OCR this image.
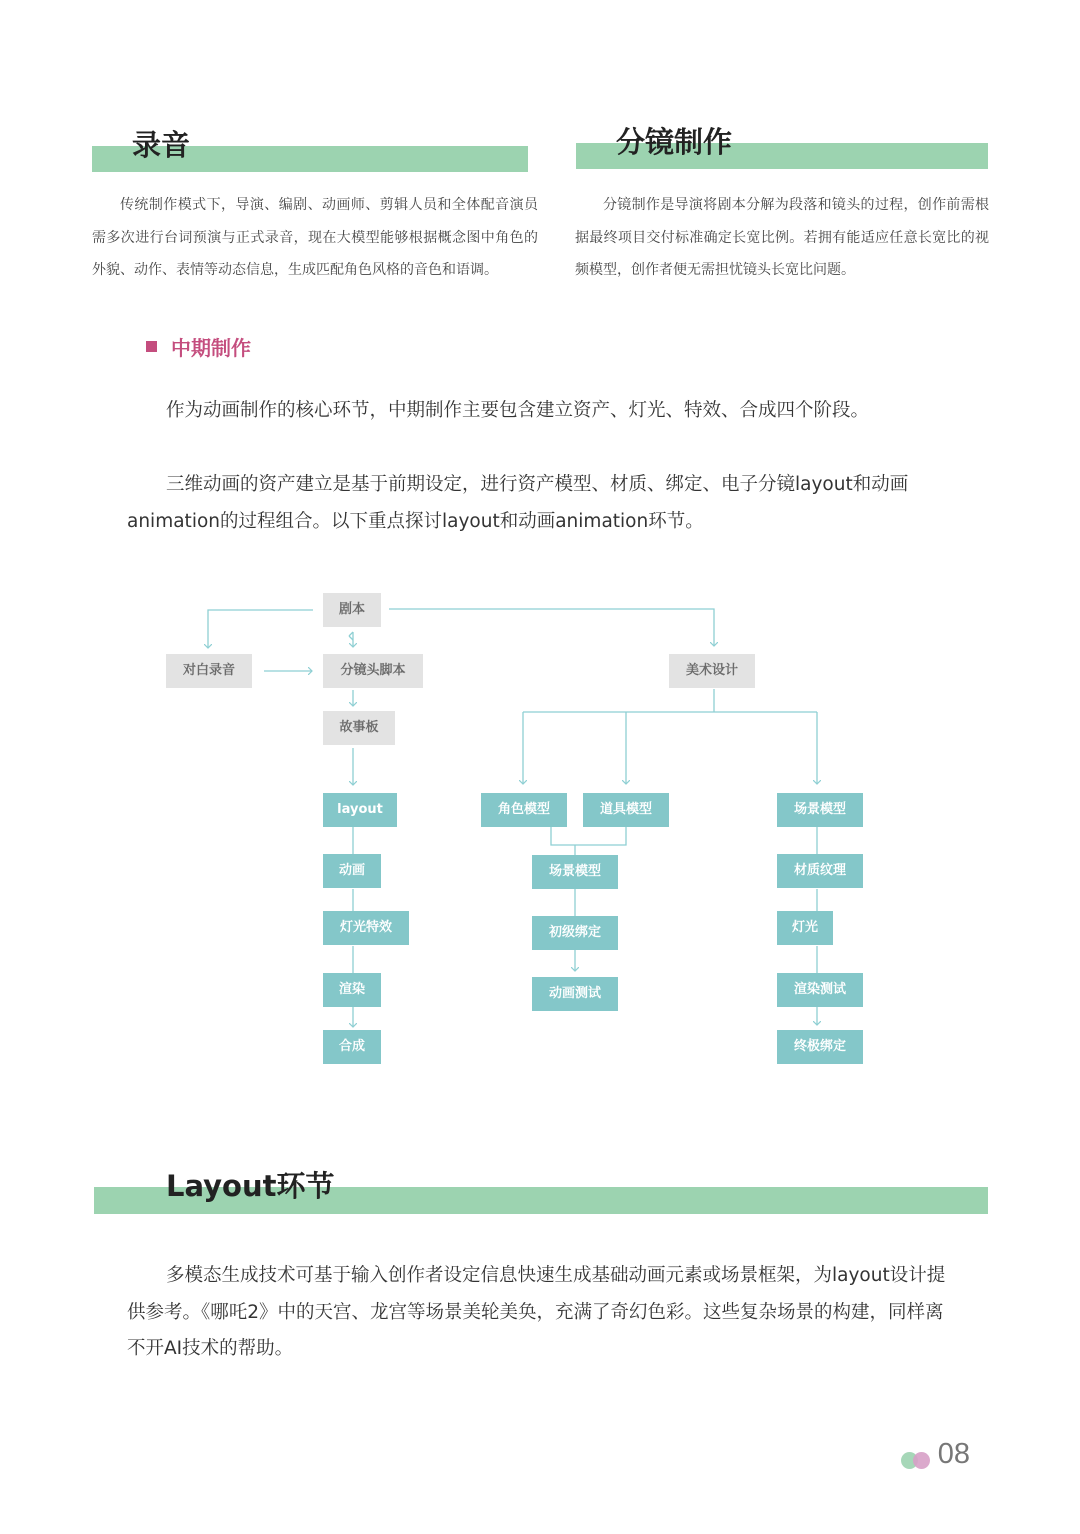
录音

传统制作模式下，导演、编剧、动画师、剪辑人员和全体配音演员需多次进行台词预演与正式录音，现在大模型能够根据概念图中角色的外貌、动作、表情等动态信息，生成匹配角色风格的音色和语调。

分镜制作

分镜制作是导演将剧本分解为段落和镜头的过程，创作前需根据最终项目交付标准确定长宽比例。若拥有能适应任意长宽比的视频模型，创作者便无需担忧镜头长宽比问题。

中期制作

作为动画制作的核心环节，中期制作主要包含建立资产、灯光、特效、合成四个阶段。

三维动画的资产建立是基于前期设定，进行资产模型、材质、绑定、电子分镜layout和动画animation的过程组合。以下重点探讨layout和动画animation环节。

剧本
对白录音	分镜头脚本
故事板
美术设计
layout
动画
灯光特效
渲染
合成
角色模型	道具模型
场景模型
初级绑定
动画测试
场景模型
材质纹理
灯光
渲染测试
终极绑定
Layout环节

多模态生成技术可基于输入创作者设定信息快速生成基础动画元素或场景框架，为layout设计提供参考。《哪吒2》中的天宫、龙宫等场景美轮美奂，充满了奇幻色彩。这些复杂场景的构建，同样离不开AI技术的帮助。

08
